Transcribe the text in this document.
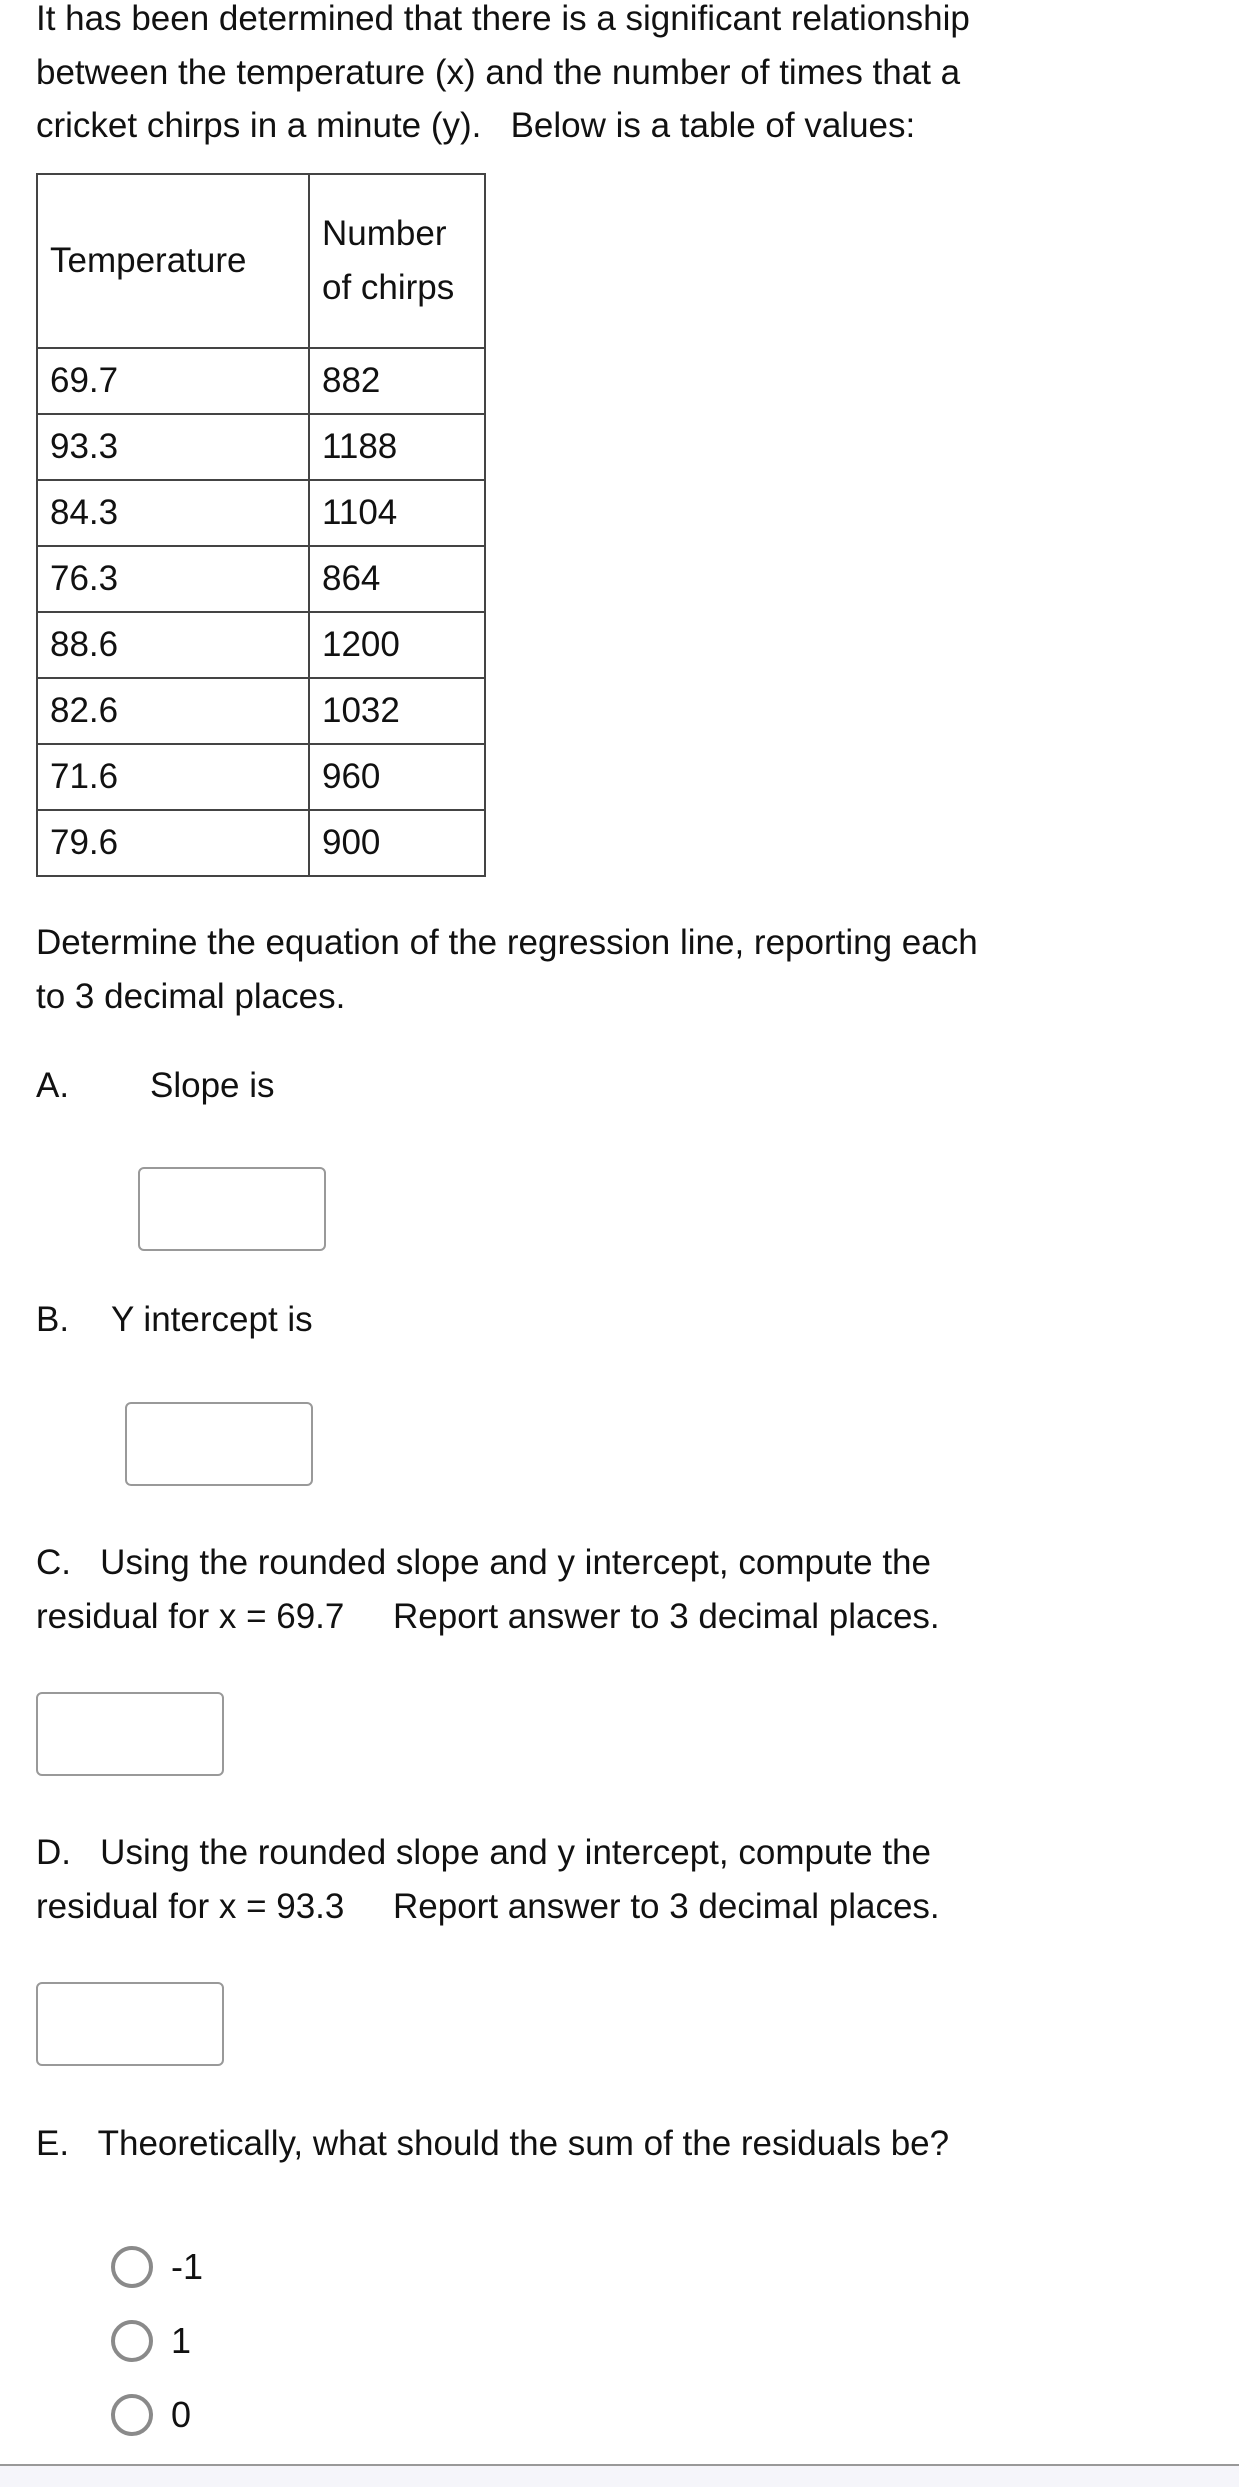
It has been determined that there is a significant relationship
between the temperature (x) and the number of times that a
cricket chirps in a minute (y).   Below is a table of values:
Temperature	Number of chirps
69.7	882
93.3	1188
84.3	1104
76.3	864
88.6	1200
82.6	1032
71.6	960
79.6	900
Determine the equation of the regression line, reporting each
to 3 decimal places.
A. Slope is
B. Y intercept is
C.   Using the rounded slope and y intercept, compute the
residual for x = 69.7     Report answer to 3 decimal places.
D.   Using the rounded slope and y intercept, compute the
residual for x = 93.3     Report answer to 3 decimal places.
E.   Theoretically, what should the sum of the residuals be?
-1
1
0
